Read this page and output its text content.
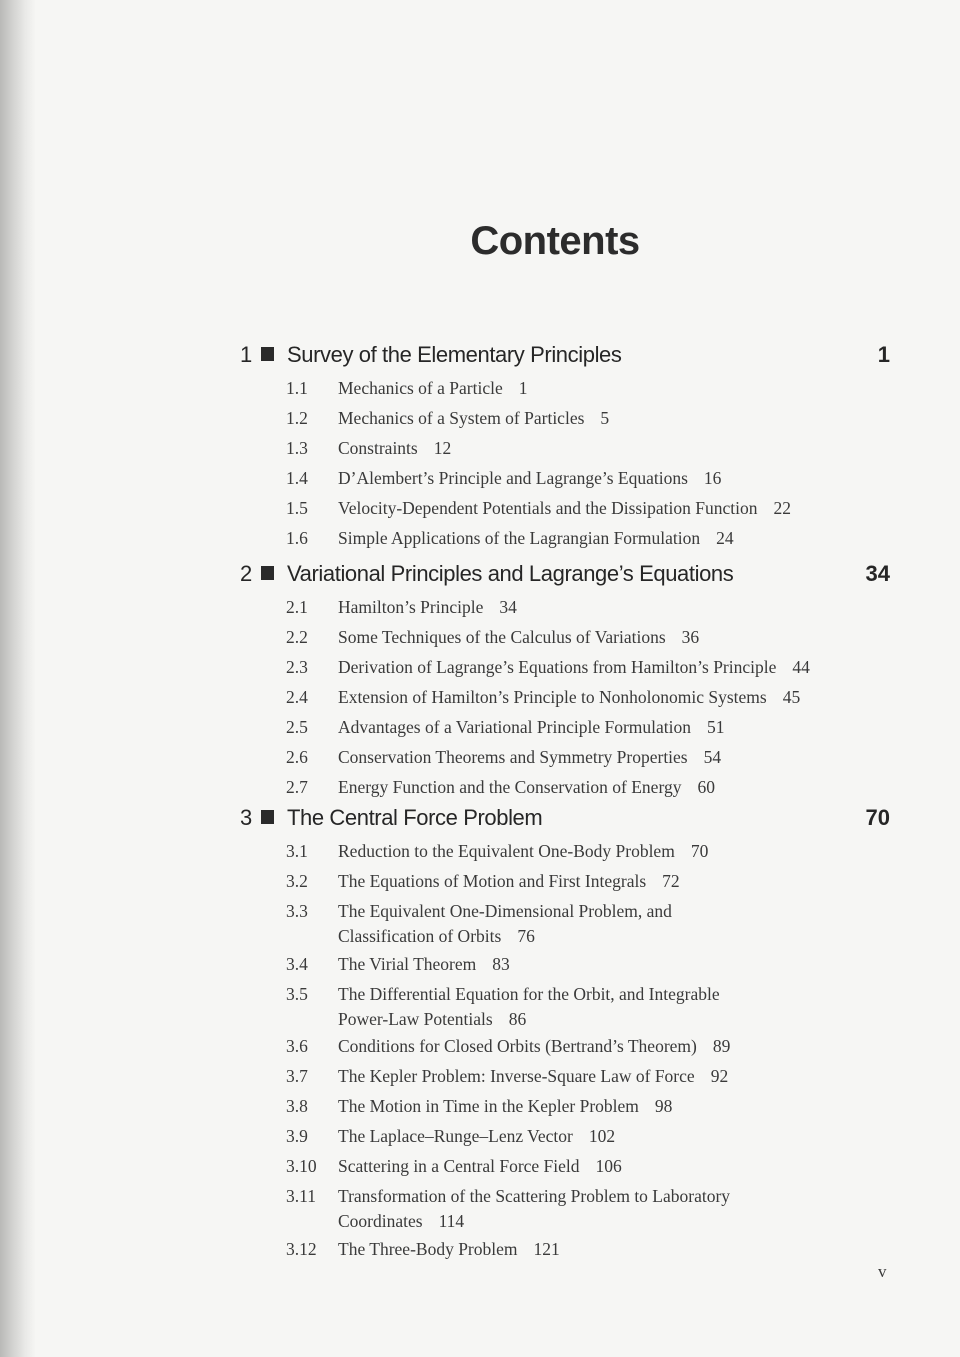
Contents
1 Survey of the Elementary Principles	1
1.1 Mechanics of a Particle 1
1.2 Mechanics of a System of Particles 5
1.3 Constraints 12
1.4 D’Alembert’s Principle and Lagrange’s Equations 16
1.5 Velocity-Dependent Potentials and the Dissipation Function 22
1.6 Simple Applications of the Lagrangian Formulation 24
2 Variational Principles and Lagrange’s Equations	34
2.1 Hamilton’s Principle 34
2.2 Some Techniques of the Calculus of Variations 36
2.3 Derivation of Lagrange’s Equations from Hamilton’s Principle 44
2.4 Extension of Hamilton’s Principle to Nonholonomic Systems 45
2.5 Advantages of a Variational Principle Formulation 51
2.6 Conservation Theorems and Symmetry Properties 54
2.7 Energy Function and the Conservation of Energy 60
3 The Central Force Problem	70
3.1 Reduction to the Equivalent One-Body Problem 70
3.2 The Equations of Motion and First Integrals 72
3.3 The Equivalent One-Dimensional Problem, and Classification of Orbits 76
3.4 The Virial Theorem 83
3.5 The Differential Equation for the Orbit, and Integrable Power-Law Potentials 86
3.6 Conditions for Closed Orbits (Bertrand’s Theorem) 89
3.7 The Kepler Problem: Inverse-Square Law of Force 92
3.8 The Motion in Time in the Kepler Problem 98
3.9 The Laplace–Runge–Lenz Vector 102
3.10 Scattering in a Central Force Field 106
3.11 Transformation of the Scattering Problem to Laboratory Coordinates 114
3.12 The Three-Body Problem 121
v
